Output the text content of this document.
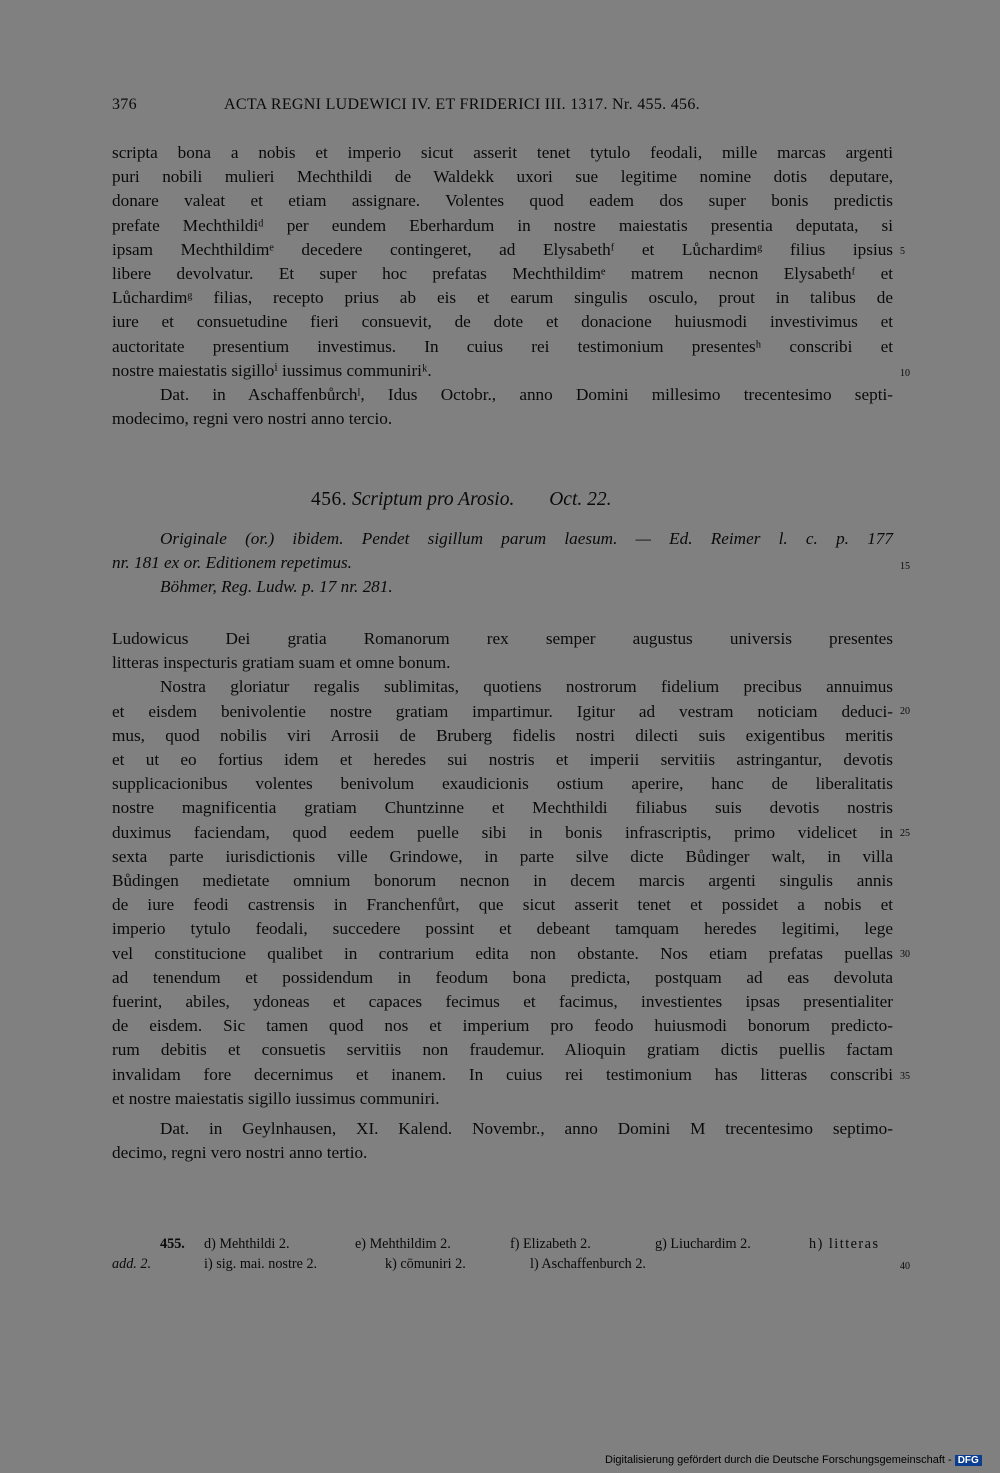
376	ACTA REGNI LUDEWICI IV. ET FRIDERICI III. 1317. Nr. 455. 456.
scripta bona a nobis et imperio sicut asserit tenet tytulo feodali, mille marcas argenti
puri nobili mulieri Mechthildi de Waldekk uxori sue legitime nomine dotis deputare,
donare valeat et etiam assignare. Volentes quod eadem dos super bonis predictis
prefate Mechthildiᵈ per eundem Eberhardum in nostre maiestatis presentia deputata, si
ipsam Mechthildimᵉ decedere contingeret, ad Elysabethᶠ et Lůchardimᵍ filius ipsius
libere devolvatur. Et super hoc prefatas Mechthildimᵉ matrem necnon Elysabethᶠ et
Lůchardimᵍ filias, recepto prius ab eis et earum singulis osculo, prout in talibus de
iure et consuetudine fieri consuevit, de dote et donacione huiusmodi investivimus et
auctoritate presentium investimus. In cuius rei testimonium presentesʰ conscribi et
nostre maiestatis sigilloⁱ iussimus communiriᵏ.
Dat. in Aschaffenbůrchˡ, Idus Octobr., anno Domini millesimo trecentesimo septi-
modecimo, regni vero nostri anno tercio.
456. Scriptum pro Arosio. Oct. 22.
Originale (or.) ibidem. Pendet sigillum parum laesum. — Ed. Reimer l. c. p. 177
nr. 181 ex or. Editionem repetimus.
Böhmer, Reg. Ludw. p. 17 nr. 281.
Ludowicus Dei gratia Romanorum rex semper augustus universis presentes
litteras inspecturis gratiam suam et omne bonum.
Nostra gloriatur regalis sublimitas, quotiens nostrorum fidelium precibus annuimus
et eisdem benivolentie nostre gratiam impartimur. Igitur ad vestram noticiam deduci-
mus, quod nobilis viri Arrosii de Bruberg fidelis nostri dilecti suis exigentibus meritis
et ut eo fortius idem et heredes sui nostris et imperii servitiis astringantur, devotis
supplicacionibus volentes benivolum exaudicionis ostium aperire, hanc de liberalitatis
nostre magnificentia gratiam Chuntzinne et Mechthildi filiabus suis devotis nostris
duximus faciendam, quod eedem puelle sibi in bonis infrascriptis, primo videlicet in
sexta parte iurisdictionis ville Grindowe, in parte silve dicte Bůdinger walt, in villa
Bůdingen medietate omnium bonorum necnon in decem marcis argenti singulis annis
de iure feodi castrensis in Franchenfůrt, que sicut asserit tenet et possidet a nobis et
imperio tytulo feodali, succedere possint et debeant tamquam heredes legitimi, lege
vel constitucione qualibet in contrarium edita non obstante. Nos etiam prefatas puellas
ad tenendum et possidendum in feodum bona predicta, postquam ad eas devoluta
fuerint, abiles, ydoneas et capaces fecimus et facimus, investientes ipsas presentialiter
de eisdem. Sic tamen quod nos et imperium pro feodo huiusmodi bonorum predicto-
rum debitis et consuetis servitiis non fraudemur. Alioquin gratiam dictis puellis factam
invalidam fore decernimus et inanem. In cuius rei testimonium has litteras conscribi
et nostre maiestatis sigillo iussimus communiri.
Dat. in Geylnhausen, XI. Kalend. Novembr., anno Domini M trecentesimo septimo-
decimo, regni vero nostri anno tertio.
5
10
15
20
25
30
35
40
455. d) Mehthildi 2.	e) Mehthildim 2.	f) Elizabeth 2.	g) Liuchardim 2.	h) litteras
add. 2.	i) sig. mai. nostre 2.	k) cōmuniri 2.	l) Aschaffenburch 2.
Digitalisierung gefördert durch die Deutsche Forschungsgemeinschaft - DFG
